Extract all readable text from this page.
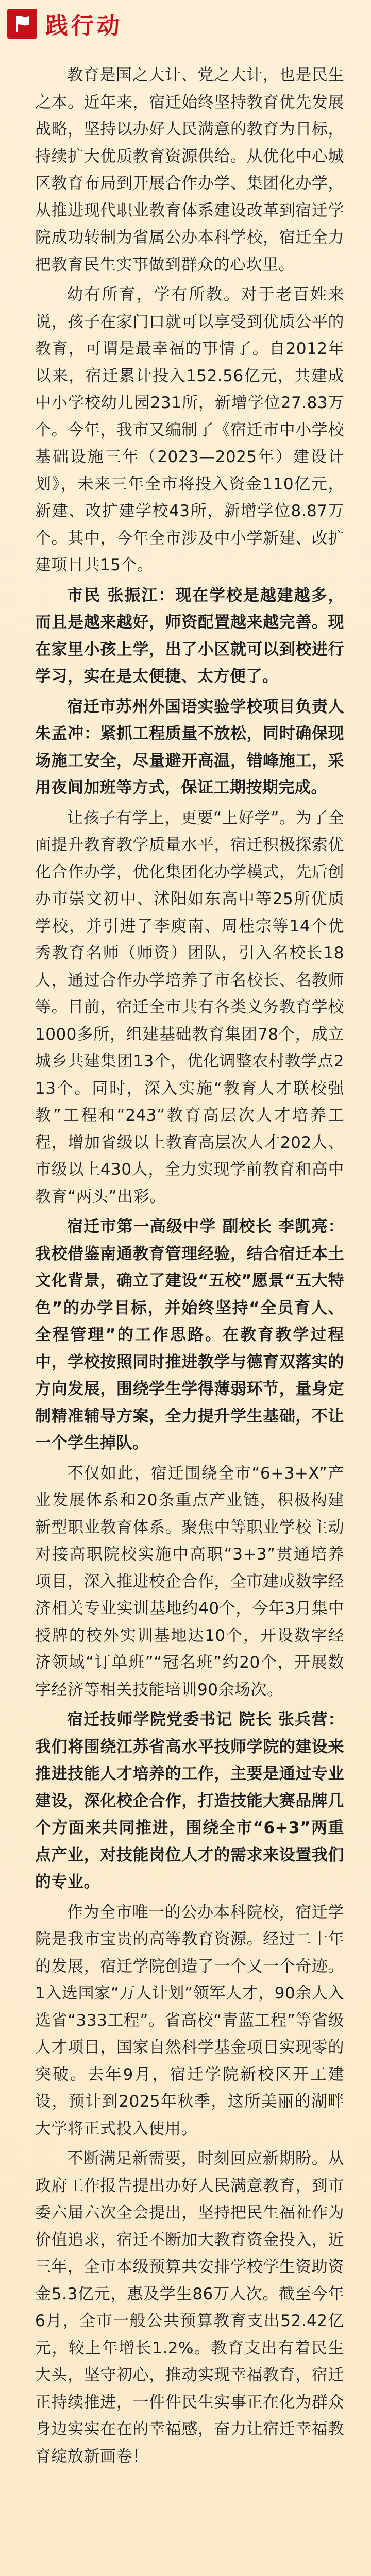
践行动

教育是国之大计、党之大计，也是民生之本。近年来，宿迁始终坚持教育优先发展战略，坚持以办好人民满意的教育为目标，持续扩大优质教育资源供给。从优化中心城区教育布局到开展合作办学、集团化办学，从推进现代职业教育体系建设改革到宿迁学院成功转制为省属公办本科学校，宿迁全力把教育民生实事做到群众的心坎里。

幼有所育，学有所教。对于老百姓来说，孩子在家门口就可以享受到优质公平的教育，可谓是最幸福的事情了。自2012年以来，宿迁累计投入152.56亿元，共建成中小学校幼儿园231所，新增学位27.83万个。今年，我市又编制了《宿迁市中小学校基础设施三年（2023—2025年）建设计划》，未来三年全市将投入资金110亿元，新建、改扩建学校43所，新增学位8.87万个。其中，今年全市涉及中小学新建、改扩建项目共15个。

市民 张振江：现在学校是越建越多，而且是越来越好，师资配置越来越完善。现在家里小孩上学，出了小区就可以到校进行学习，实在是太便捷、太方便了。

宿迁市苏州外国语实验学校项目负责人 朱孟冲：紧抓工程质量不放松，同时确保现场施工安全，尽量避开高温，错峰施工，采用夜间加班等方式，保证工期按期完成。

让孩子有学上，更要“上好学”。为了全面提升教育教学质量水平，宿迁积极探索优化合作办学，优化集团化办学模式，先后创办市崇文初中、沭阳如东高中等25所优质学校，并引进了李庾南、周桂宗等14个优秀教育名师（师资）团队，引入名校长18人，通过合作办学培养了市名校长、名教师等。目前，宿迁全市共有各类义务教育学校1000多所，组建基础教育集团78个，成立城乡共建集团13个，优化调整农村教学点213个。同时，深入实施“教育人才联校强教”工程和“243”教育高层次人才培养工程，增加省级以上教育高层次人才202人、市级以上430人，全力实现学前教育和高中教育“两头”出彩。

宿迁市第一高级中学 副校长 李凯亮：我校借鉴南通教育管理经验，结合宿迁本土文化背景，确立了建设“五校”愿景“五大特色”的办学目标，并始终坚持“全员育人、全程管理”的工作思路。在教育教学过程中，学校按照同时推进教学与德育双落实的方向发展，围绕学生学得薄弱环节，量身定制精准辅导方案，全力提升学生基础，不让一个学生掉队。

不仅如此，宿迁围绕全市“6+3+X”产业发展体系和20条重点产业链，积极构建新型职业教育体系。聚焦中等职业学校主动对接高职院校实施中高职“3+3”贯通培养项目，深入推进校企合作，全市建成数字经济相关专业实训基地约40个，今年3月集中授牌的校外实训基地达10个，开设数字经济领域“订单班”“冠名班”约20个，开展数字经济等相关技能培训90余场次。

宿迁技师学院党委书记 院长 张兵营：我们将围绕江苏省高水平技师学院的建设来推进技能人才培养的工作，主要是通过专业建设，深化校企合作，打造技能大赛品牌几个方面来共同推进，围绕全市“6+3”两重点产业，对技能岗位人才的需求来设置我们的专业。

作为全市唯一的公办本科院校，宿迁学院是我市宝贵的高等教育资源。经过二十年的发展，宿迁学院创造了一个又一个奇迹。1入选国家“万人计划”领军人才，90余人入选省“333工程”。省高校“青蓝工程”等省级人才项目，国家自然科学基金项目实现零的突破。去年9月，宿迁学院新校区开工建设，预计到2025年秋季，这所美丽的湖畔大学将正式投入使用。

不断满足新需要，时刻回应新期盼。从政府工作报告提出办好人民满意教育，到市委六届六次全会提出，坚持把民生福祉作为价值追求，宿迁不断加大教育资金投入，近三年，全市本级预算共安排学校学生资助资金5.3亿元，惠及学生86万人次。截至今年6月，全市一般公共预算教育支出52.42亿元，较上年增长1.2%。教育支出有着民生大头，坚守初心，推动实现幸福教育，宿迁正持续推进，一件件民生实事正在化为群众身边实实在在的幸福感，奋力让宿迁幸福教育绽放新画卷！
